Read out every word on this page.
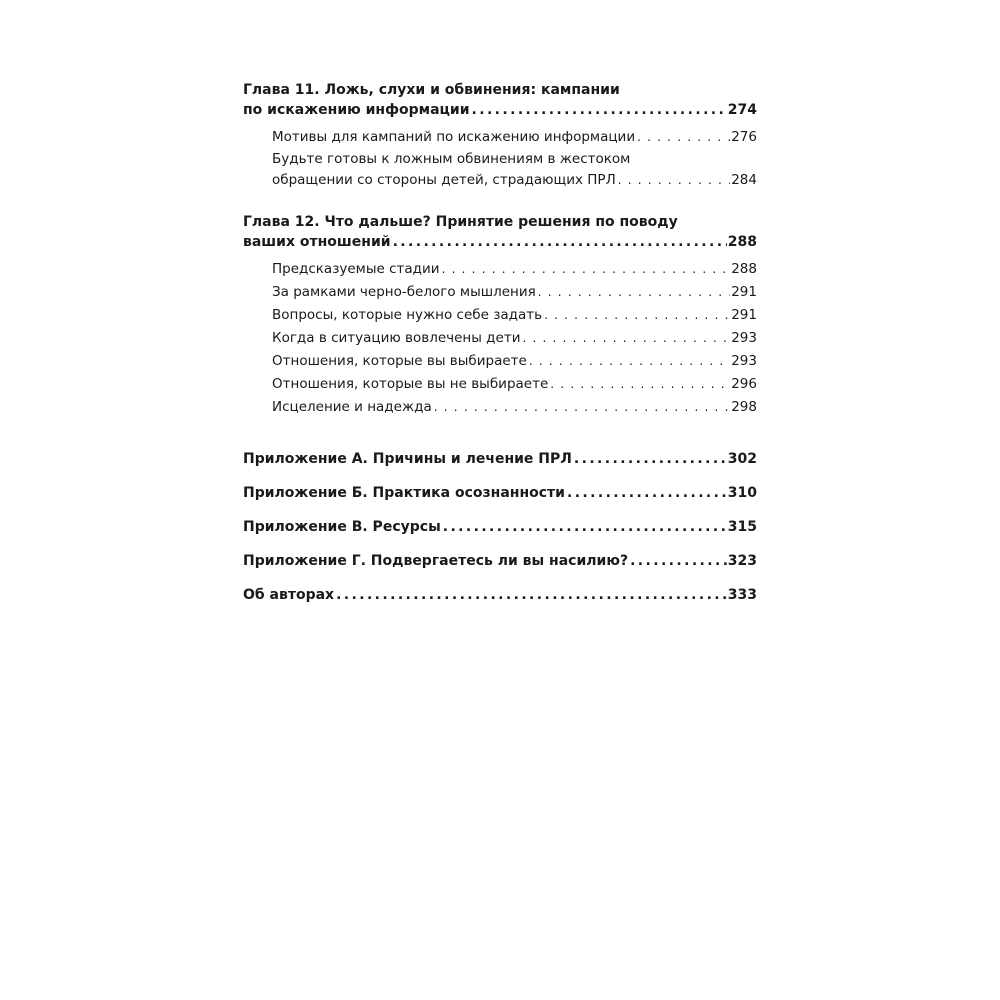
Глава 11. Ложь, слухи и обвинения: кампании
по искажению информации .....	274
Мотивы для кампаний по искажению информации . . .	276
Будьте готовы к ложным обвинениям в жестоком
обращении со стороны детей, страдающих ПРЛ . . .	284
Глава 12. Что дальше? Принятие решения по поводу
ваших отношений .....	288
Предсказуемые стадии . . .	288
За рамками черно-белого мышления . . .	291
Вопросы, которые нужно себе задать . . .	291
Когда в ситуацию вовлечены дети . . .	293
Отношения, которые вы выбираете . . .	293
Отношения, которые вы не выбираете . . .	296
Исцеление и надежда . . .	298
Приложение А. Причины и лечение ПРЛ .....	302
Приложение Б. Практика осознанности .....	310
Приложение В. Ресурсы .....	315
Приложение Г. Подвергаетесь ли вы насилию? .....	323
Об авторах .....	333
